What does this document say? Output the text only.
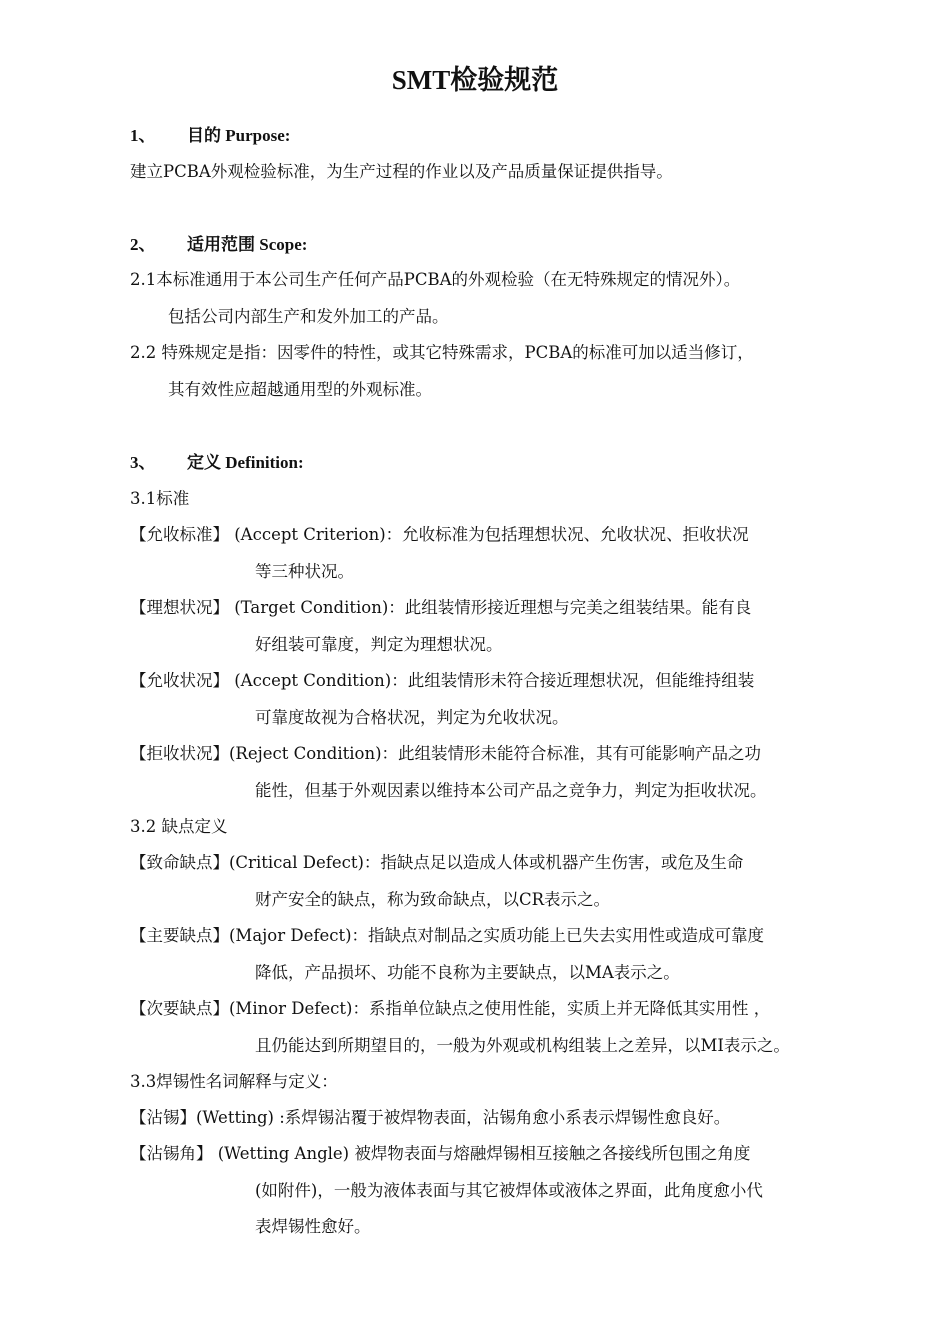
SMT检验规范
1、 目的 Purpose:
建立PCBA外观检验标准，为生产过程的作业以及产品质量保证提供指导。
2、 适用范围 Scope:
2.1本标准通用于本公司生产任何产品PCBA的外观检验（在无特殊规定的情况外）。
包括公司内部生产和发外加工的产品。
2.2 特殊规定是指：因零件的特性，或其它特殊需求，PCBA的标准可加以适当修订，
其有效性应超越通用型的外观标准。
3、 定义 Definition:
3.1标准
【允收标准】 (Accept Criterion)：允收标准为包括理想状况、允收状况、拒收状况
等三种状况。
【理想状况】 (Target Condition)：此组装情形接近理想与完美之组装结果。能有良
好组装可靠度，判定为理想状况。
【允收状况】 (Accept Condition)：此组装情形未符合接近理想状况，但能维持组装
可靠度故视为合格状况，判定为允收状况。
【拒收状况】(Reject Condition)：此组装情形未能符合标准，其有可能影响产品之功
能性，但基于外观因素以维持本公司产品之竞争力，判定为拒收状况。
3.2 缺点定义
【致命缺点】(Critical Defect)：指缺点足以造成人体或机器产生伤害，或危及生命
财产安全的缺点，称为致命缺点，以CR表示之。
【主要缺点】(Major Defect)：指缺点对制品之实质功能上已失去实用性或造成可靠度
降低，产品损坏、功能不良称为主要缺点，以MA表示之。
【次要缺点】(Minor Defect)：系指单位缺点之使用性能，实质上并无降低其实用性 ，
且仍能达到所期望目的，一般为外观或机构组装上之差异，以MI表示之。
3.3焊锡性名词解释与定义：
【沾锡】(Wetting) :系焊锡沾覆于被焊物表面，沾锡角愈小系表示焊锡性愈良好。
【沾锡角】 (Wetting Angle) 被焊物表面与熔融焊锡相互接触之各接线所包围之角度
(如附件)，一般为液体表面与其它被焊体或液体之界面，此角度愈小代
表焊锡性愈好。
